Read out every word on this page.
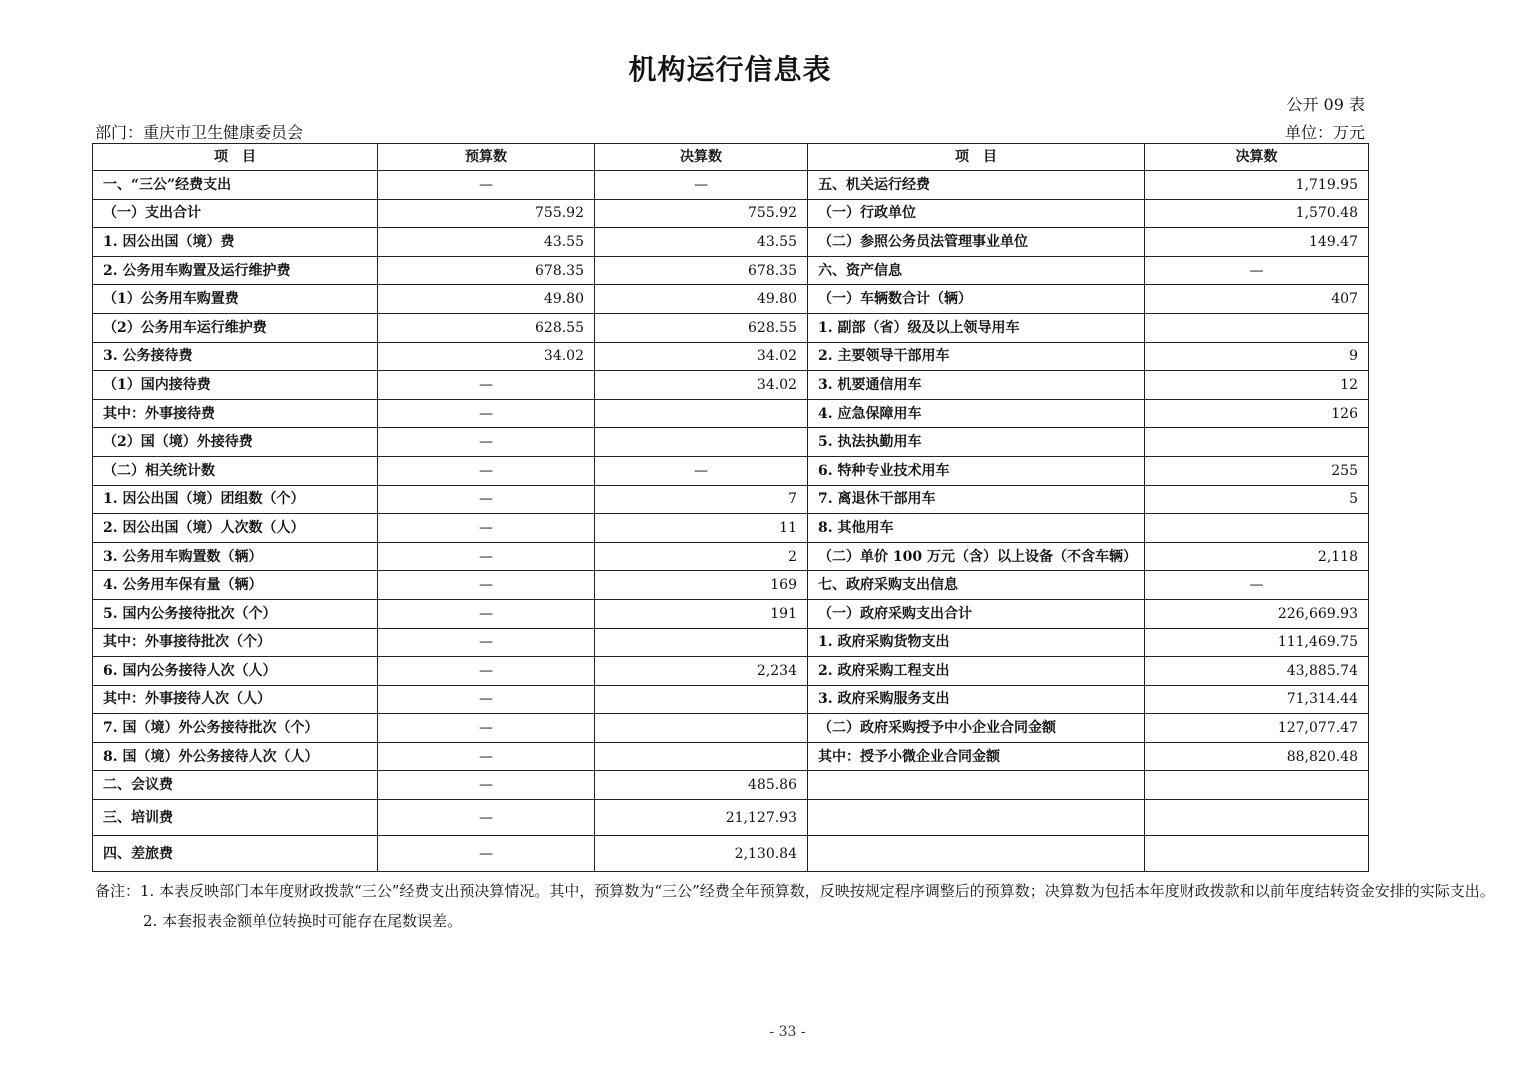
机构运行信息表
公开 09 表
部门：重庆市卫生健康委员会	单位：万元
项　目	预算数	决算数	项　目	决算数
一、“三公”经费支出	—	—	五、机关运行经费	1,719.95
（一）支出合计	755.92	755.92	（一）行政单位	1,570.48
1. 因公出国（境）费	43.55	43.55	（二）参照公务员法管理事业单位	149.47
2. 公务用车购置及运行维护费	678.35	678.35	六、资产信息	—
（1）公务用车购置费	49.80	49.80	（一）车辆数合计（辆）	407
（2）公务用车运行维护费	628.55	628.55	1. 副部（省）级及以上领导用车	
3. 公务接待费	34.02	34.02	2. 主要领导干部用车	9
（1）国内接待费	—	34.02	3. 机要通信用车	12
其中：外事接待费	—		4. 应急保障用车	126
（2）国（境）外接待费	—		5. 执法执勤用车	
（二）相关统计数	—	—	6. 特种专业技术用车	255
1. 因公出国（境）团组数（个）	—	7	7. 离退休干部用车	5
2. 因公出国（境）人次数（人）	—	11	8. 其他用车	
3. 公务用车购置数（辆）	—	2	（二）单价 100 万元（含）以上设备（不含车辆）	2,118
4. 公务用车保有量（辆）	—	169	七、政府采购支出信息	—
5. 国内公务接待批次（个）	—	191	（一）政府采购支出合计	226,669.93
其中：外事接待批次（个）	—		1. 政府采购货物支出	111,469.75
6. 国内公务接待人次（人）	—	2,234	2. 政府采购工程支出	43,885.74
其中：外事接待人次（人）	—		3. 政府采购服务支出	71,314.44
7. 国（境）外公务接待批次（个）	—		（二）政府采购授予中小企业合同金额	127,077.47
8. 国（境）外公务接待人次（人）	—		其中：授予小微企业合同金额	88,820.48
二、会议费	—	485.86		
三、培训费	—	21,127.93		
四、差旅费	—	2,130.84		
备注：1. 本表反映部门本年度财政拨款“三公”经费支出预决算情况。其中，预算数为“三公”经费全年预算数，反映按规定程序调整后的预算数；决算数为包括本年度财政拨款和以前年度结转资金安排的实际支出。
2. 本套报表金额单位转换时可能存在尾数误差。
- 33 -
